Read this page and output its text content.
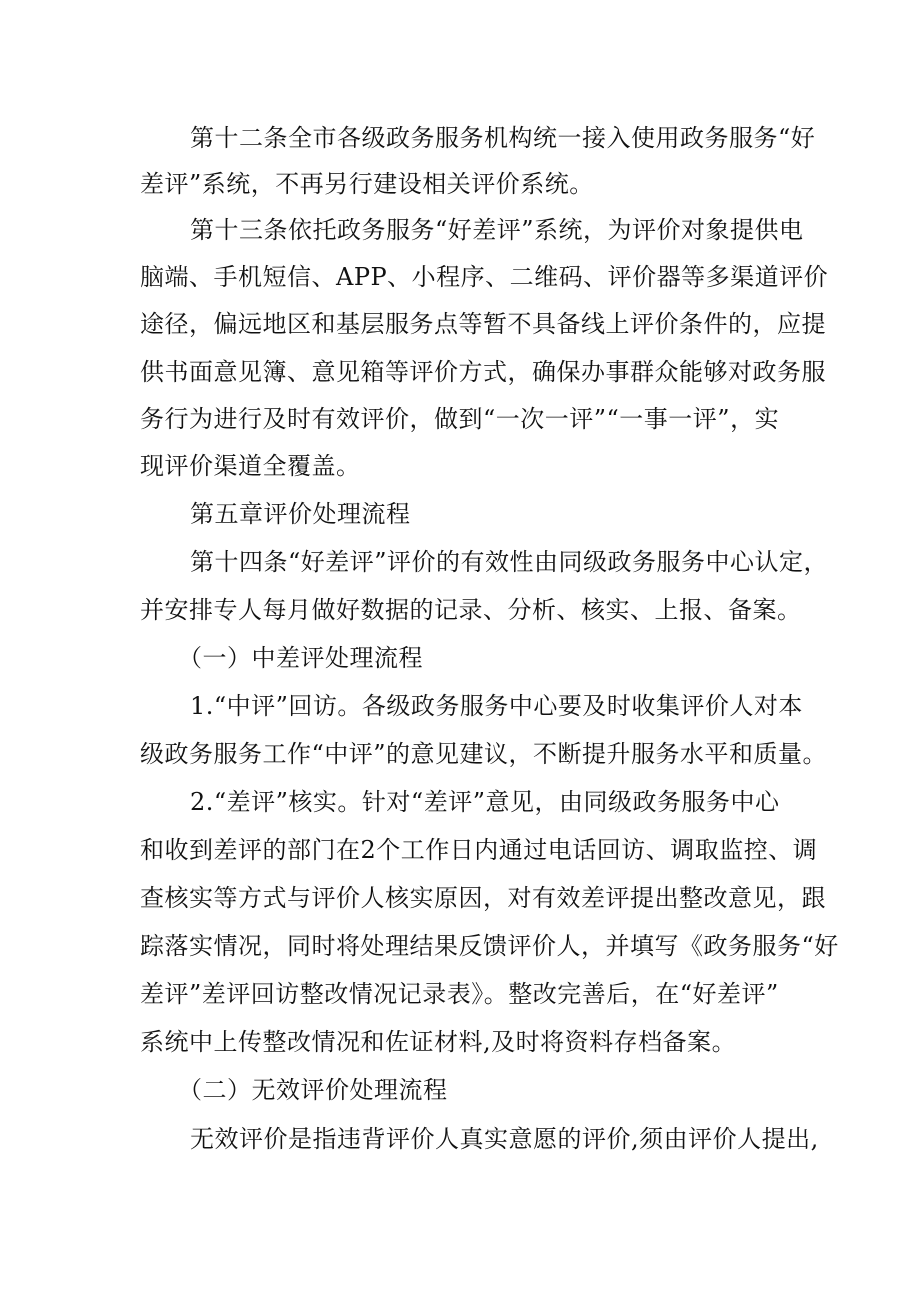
第十二条全市各级政务服务机构统一接入使用政务服务“好
差评”系统，不再另行建设相关评价系统。
第十三条依托政务服务“好差评”系统，为评价对象提供电
脑端、手机短信、APP、小程序、二维码、评价器等多渠道评价
途径，偏远地区和基层服务点等暂不具备线上评价条件的，应提
供书面意见簿、意见箱等评价方式，确保办事群众能够对政务服
务行为进行及时有效评价，做到“一次一评”“一事一评”，实
现评价渠道全覆盖。
第五章评价处理流程
第十四条“好差评”评价的有效性由同级政务服务中心认定，
并安排专人每月做好数据的记录、分析、核实、上报、备案。
（一）中差评处理流程
1.“中评”回访。各级政务服务中心要及时收集评价人对本
级政务服务工作“中评”的意见建议，不断提升服务水平和质量。
2.“差评”核实。针对“差评”意见，由同级政务服务中心
和收到差评的部门在2个工作日内通过电话回访、调取监控、调
查核实等方式与评价人核实原因，对有效差评提出整改意见，跟
踪落实情况，同时将处理结果反馈评价人，并填写《政务服务“好
差评”差评回访整改情况记录表》。整改完善后，在“好差评”
系统中上传整改情况和佐证材料,及时将资料存档备案。
（二）无效评价处理流程
无效评价是指违背评价人真实意愿的评价,须由评价人提出,
